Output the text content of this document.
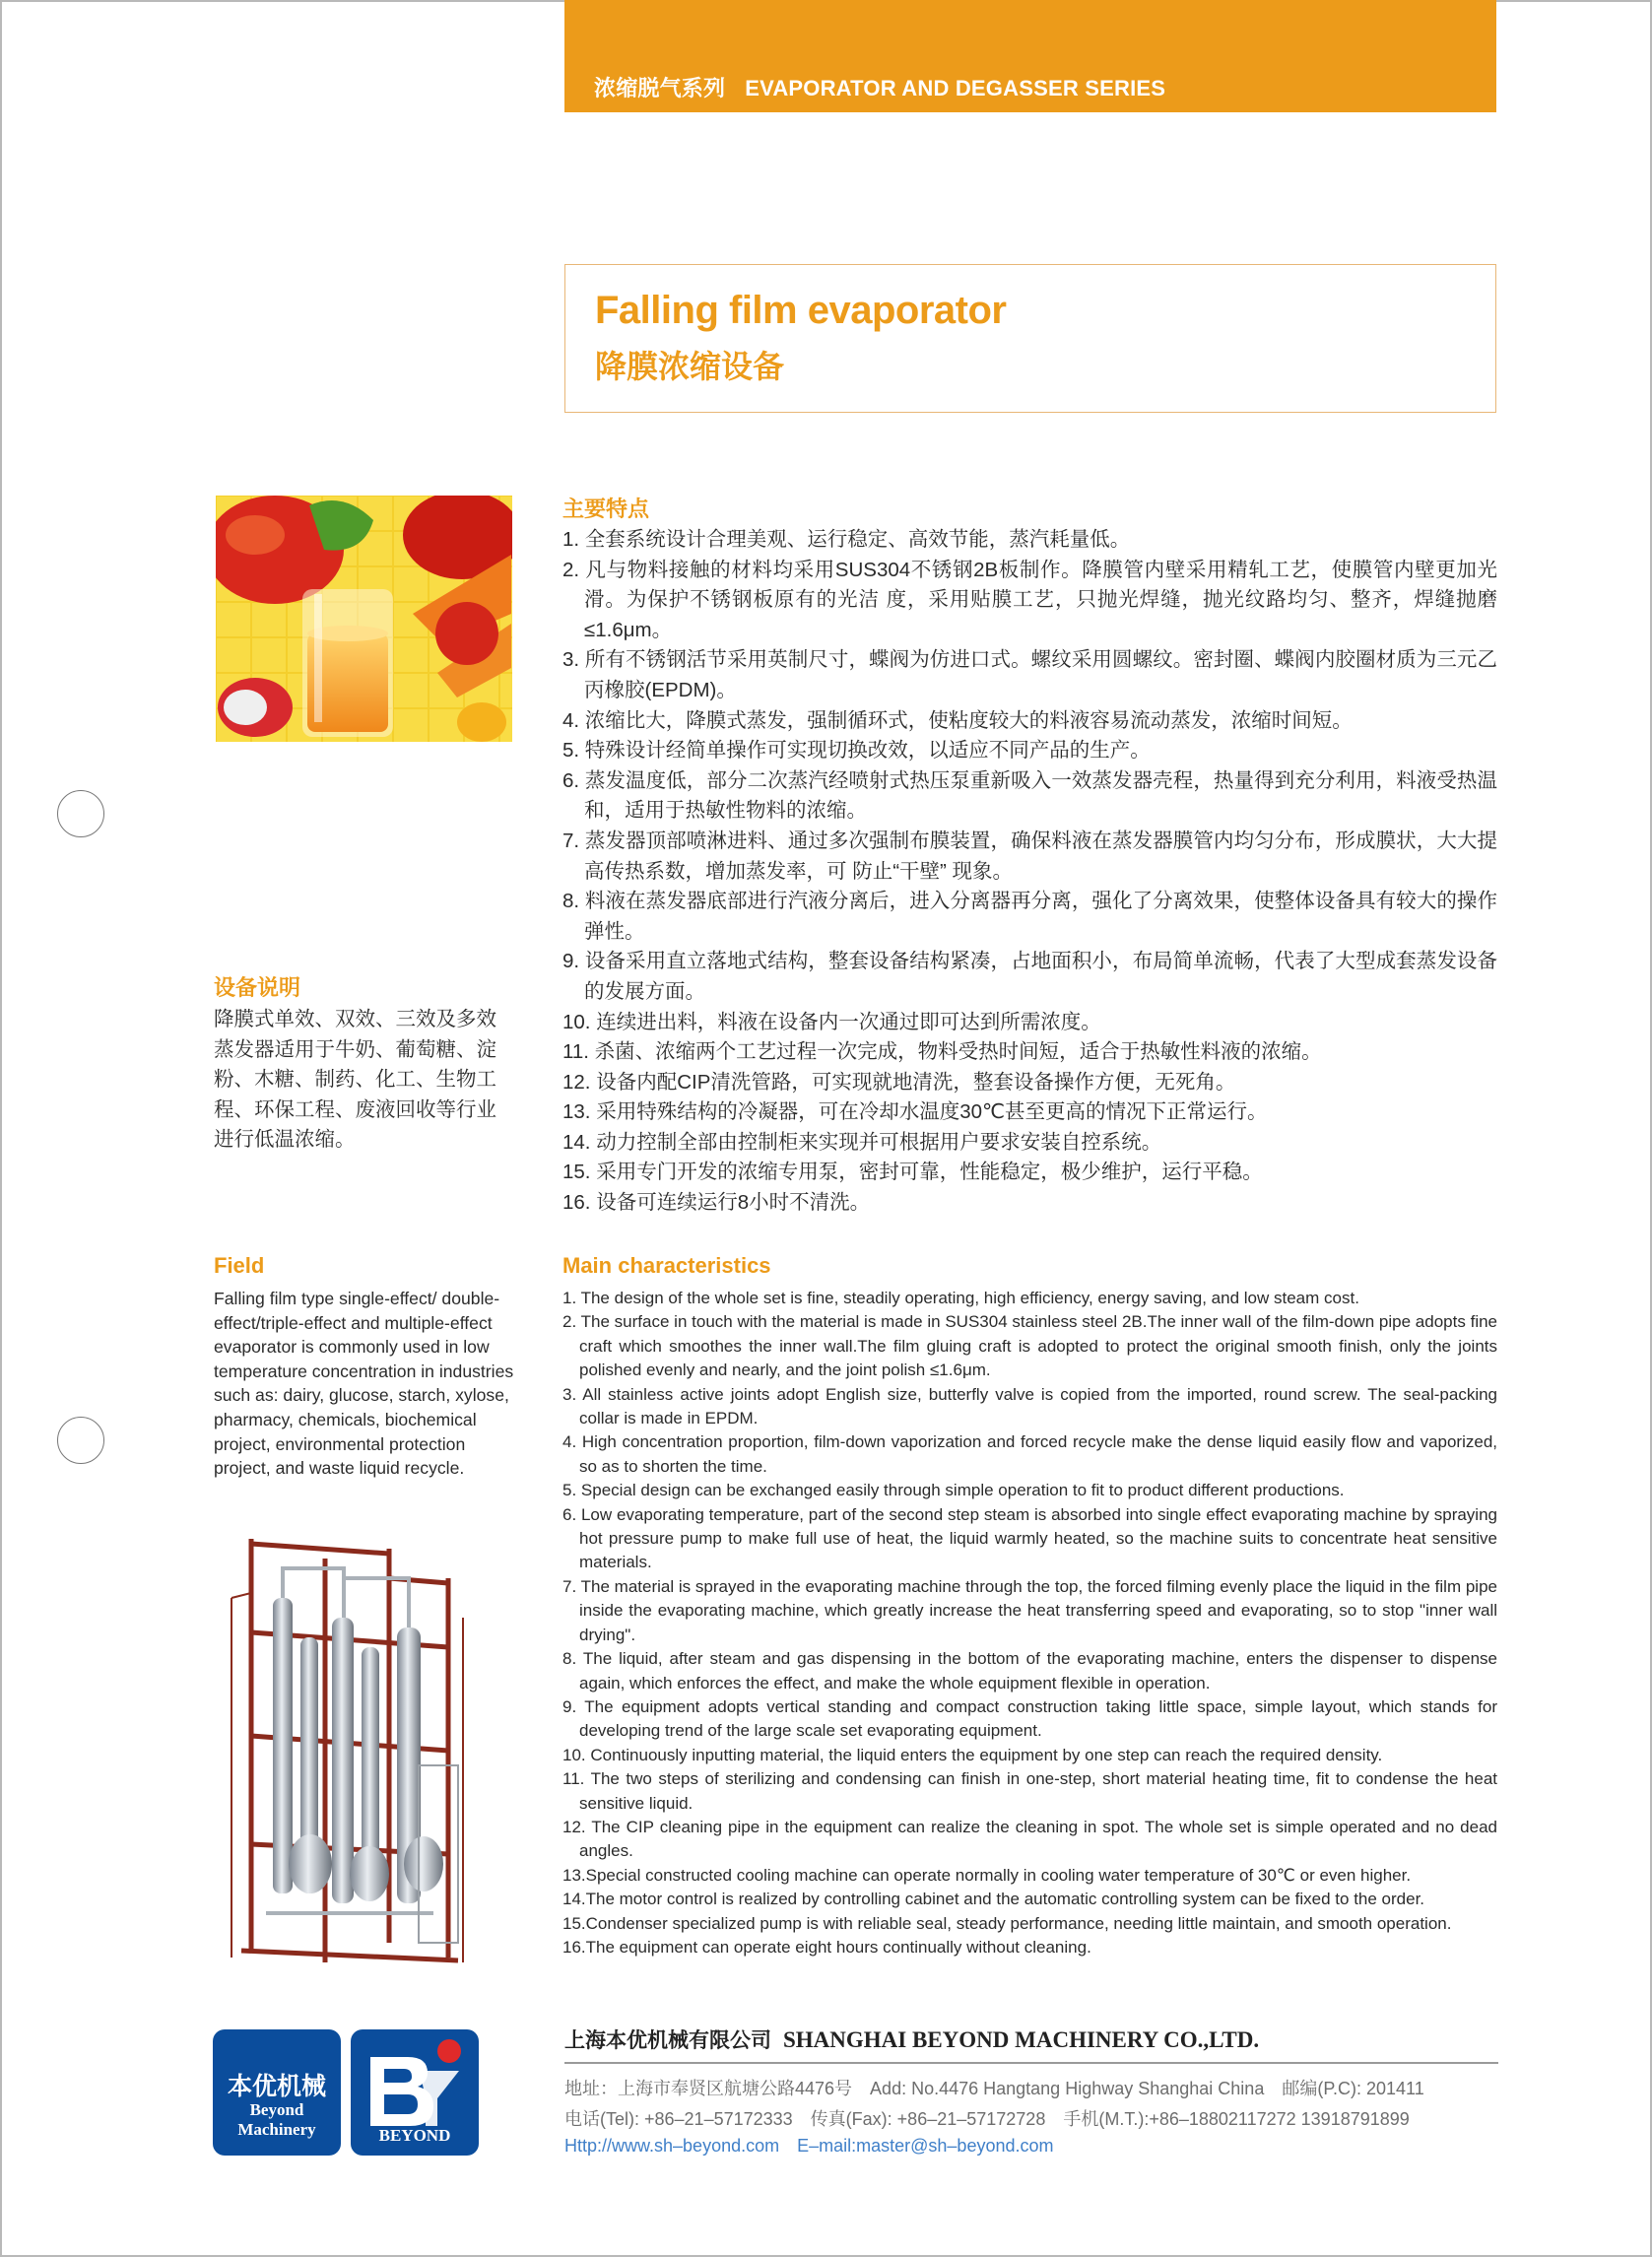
浓缩脱气系列 EVAPORATOR AND DEGASSER SERIES
Falling film evaporator
降膜浓缩设备
主要特点
1. 全套系统设计合理美观、运行稳定、高效节能，蒸汽耗量低。
2. 凡与物料接触的材料均采用SUS304不锈钢2B板制作。降膜管内壁采用精轧工艺，使膜管内壁更加光滑。为保护不锈钢板原有的光洁 度，采用贴膜工艺，只抛光焊缝，抛光纹路均匀、整齐，焊缝抛磨≤1.6μm。
3. 所有不锈钢活节采用英制尺寸，蝶阀为仿进口式。螺纹采用圆螺纹。密封圈、蝶阀内胶圈材质为三元乙丙橡胶(EPDM)。
4. 浓缩比大，降膜式蒸发，强制循环式，使粘度较大的料液容易流动蒸发，浓缩时间短。
5. 特殊设计经简单操作可实现切换改效，以适应不同产品的生产。
6. 蒸发温度低，部分二次蒸汽经喷射式热压泵重新吸入一效蒸发器壳程，热量得到充分利用，料液受热温和，适用于热敏性物料的浓缩。
7. 蒸发器顶部喷淋进料、通过多次强制布膜装置，确保料液在蒸发器膜管内均匀分布，形成膜状，大大提高传热系数，增加蒸发率，可 防止“干壁” 现象。
8. 料液在蒸发器底部进行汽液分离后，进入分离器再分离，强化了分离效果，使整体设备具有较大的操作弹性。
9. 设备采用直立落地式结构，整套设备结构紧凑，占地面积小，布局简单流畅，代表了大型成套蒸发设备的发展方面。
10. 连续进出料，料液在设备内一次通过即可达到所需浓度。
11. 杀菌、浓缩两个工艺过程一次完成，物料受热时间短，适合于热敏性料液的浓缩。
12. 设备内配CIP清洗管路，可实现就地清洗，整套设备操作方便，无死角。
13. 采用特殊结构的冷凝器，可在冷却水温度30℃甚至更高的情况下正常运行。
14. 动力控制全部由控制柜来实现并可根据用户要求安装自控系统。
15. 采用专门开发的浓缩专用泵，密封可靠，性能稳定，极少维护，运行平稳。
16. 设备可连续运行8小时不清洗。
设备说明
降膜式单效、双效、三效及多效蒸发器适用于牛奶、葡萄糖、淀粉、木糖、制药、化工、生物工程、环保工程、废液回收等行业进行低温浓缩。
Field
Falling film type single-effect/ double-effect/triple-effect and multiple-effect evaporator is commonly used in low temperature concentration in industries such as: dairy, glucose, starch, xylose, pharmacy, chemicals, biochemical project, environmental protection project, and waste liquid recycle.
Main characteristics
1. The design of the whole set is fine, steadily operating, high efficiency, energy saving, and low steam cost.
2. The surface in touch with the material is made in SUS304 stainless steel 2B.The inner wall of the film-down pipe adopts fine craft which smoothes the inner wall.The film gluing craft is adopted to protect the original smooth finish, only the joints polished evenly and nearly, and the joint polish ≤1.6μm.
3. All stainless active joints adopt English size, butterfly valve is copied from the imported, round screw. The seal-packing collar is made in EPDM.
4. High concentration proportion, film-down vaporization and forced recycle make the dense liquid easily flow and vaporized, so as to shorten the time.
5. Special design can be exchanged easily through simple operation to fit to product different productions.
6. Low evaporating temperature, part of the second step steam is absorbed into single effect evaporating machine by spraying hot pressure pump to make full use of heat, the liquid warmly heated, so the machine suits to concentrate heat sensitive materials.
7. The material is sprayed in the evaporating machine through the top, the forced filming evenly place the liquid in the film pipe inside the evaporating machine, which greatly increase the heat transferring speed and evaporating, so to stop "inner wall drying".
8. The liquid, after steam and gas dispensing in the bottom of the evaporating machine, enters the dispenser to dispense again, which enforces the effect, and make the whole equipment flexible in operation.
9. The equipment adopts vertical standing and compact construction taking little space, simple layout, which stands for developing trend of the large scale set evaporating equipment.
10. Continuously inputting material, the liquid enters the equipment by one step can reach the required density.
11. The two steps of sterilizing and condensing can finish in one-step, short material heating time, fit to condense the heat sensitive liquid.
12. The CIP cleaning pipe in the equipment can realize the cleaning in spot. The whole set is simple operated and no dead angles.
13.Special constructed cooling machine can operate normally in cooling water temperature of 30℃ or even higher.
14.The motor control is realized by controlling cabinet and the automatic controlling system can be fixed to the order.
15.Condenser specialized pump is with reliable seal, steady performance, needing little maintain, and smooth operation.
16.The equipment can operate eight hours continually without cleaning.
本优机械
Beyond
Machinery	BEYOND
上海本优机械有限公司 SHANGHAI BEYOND MACHINERY CO.,LTD.
地址：上海市奉贤区航塘公路4476号 Add: No.4476 Hangtang Highway Shanghai China 邮编(P.C): 201411
电话(Tel): +86–21–57172333 传真(Fax): +86–21–57172728 手机(M.T.):+86–18802117272 13918791899
Http://www.sh–beyond.com E–mail:master@sh–beyond.com
